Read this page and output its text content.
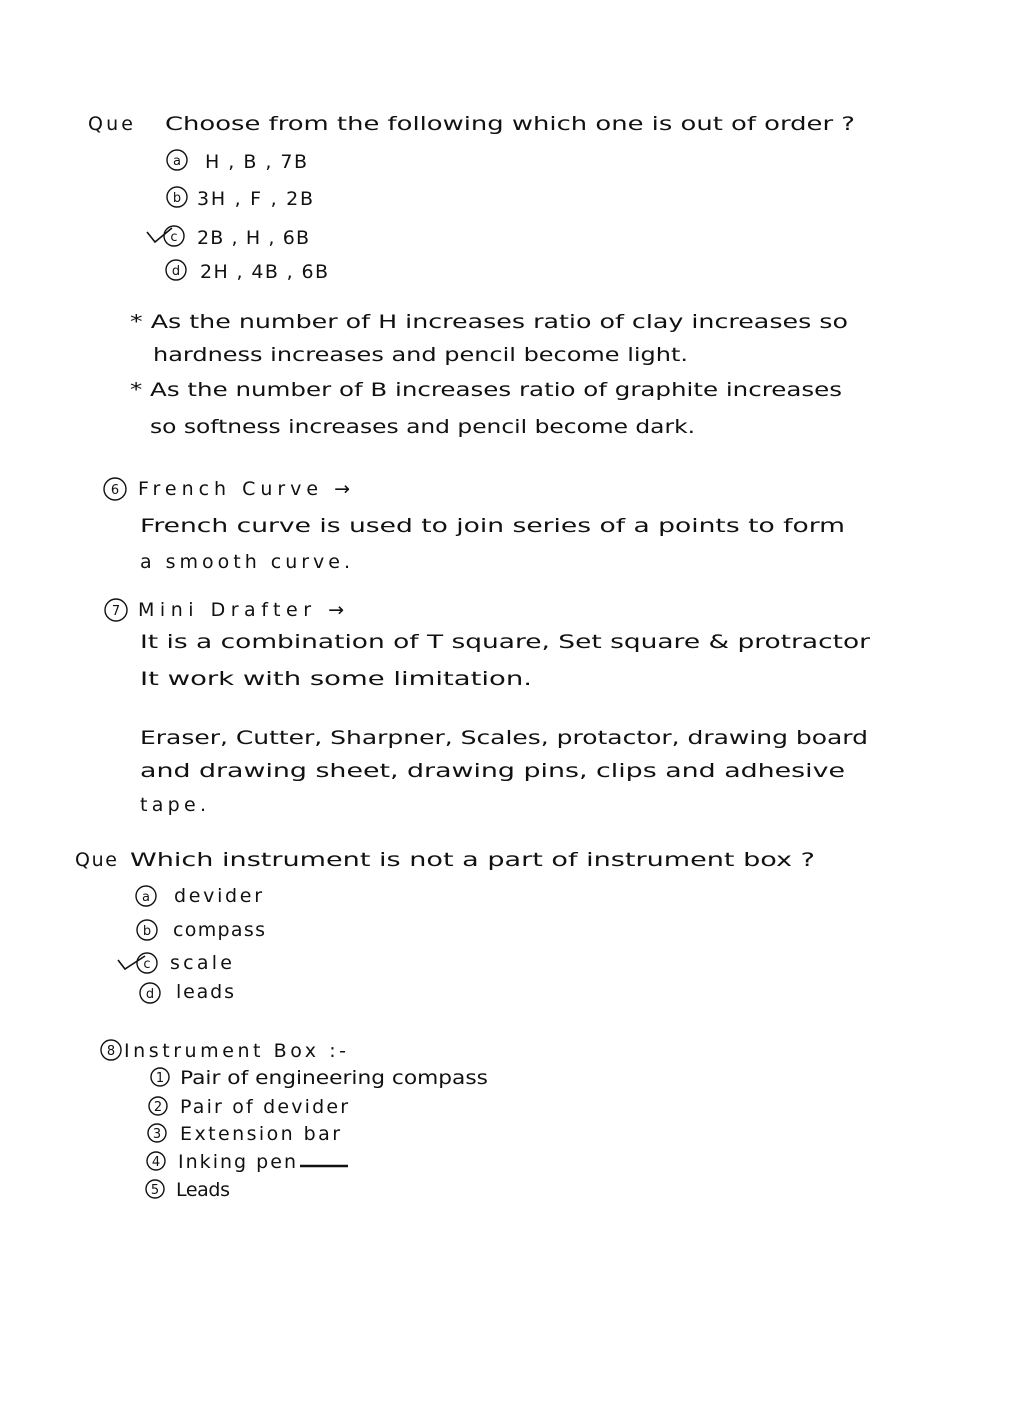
Que Choose from the following which one is out of order ?
a H , B , 7B
b 3H , F , 2B
c 2B , H , 6B
d 2H , 4B , 6B
* As the number of H increases ratio of clay increases so
hardness increases and pencil become light.
* As the number of B increases ratio of graphite increases
so softness increases and pencil become dark.
6 French Curve →
French curve is used to join series of a points to form
a smooth curve.
7 Mini Drafter →
It is a combination of T square, Set square & protractor
It work with some limitation.
Eraser, Cutter, Sharpner, Scales, protactor, drawing board
and drawing sheet, drawing pins, clips and adhesive
tape.
Que Which instrument is not a part of instrument box ?
a devider
b compass
c scale
d leads
8 Instrument Box :-
1 Pair of engineering compass
2 Pair of devider
3 Extension bar
4 Inking pen
5 Leads
